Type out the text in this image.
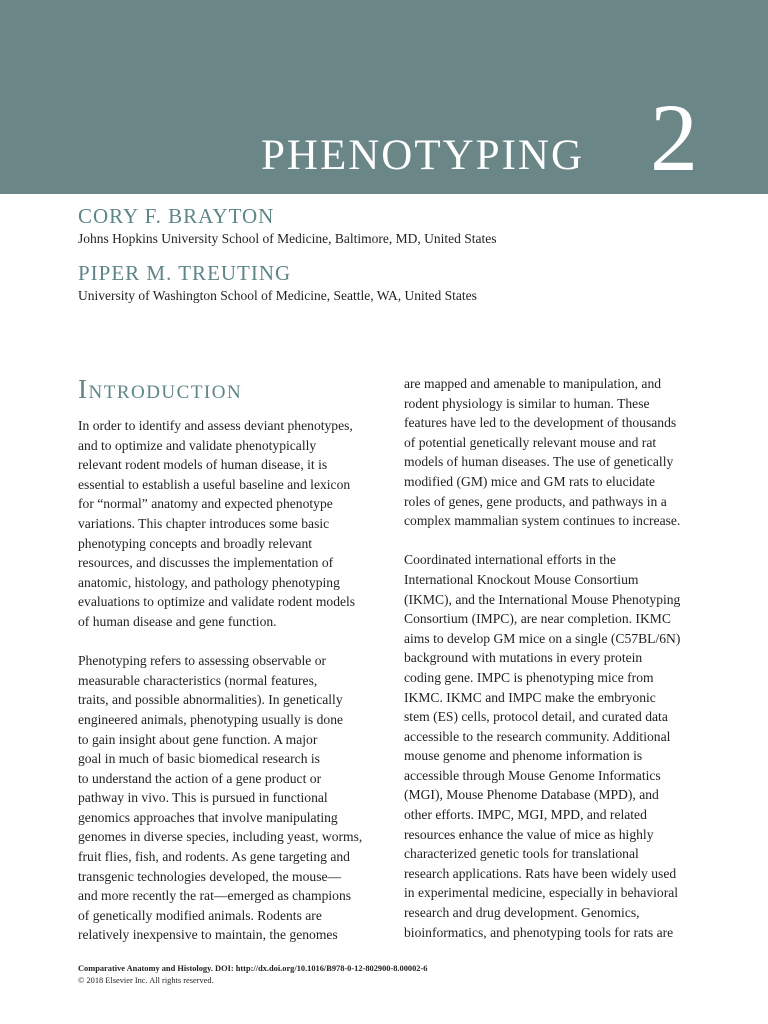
PHENOTYPING 2
CORY F. BRAYTON
Johns Hopkins University School of Medicine, Baltimore, MD, United States
PIPER M. TREUTING
University of Washington School of Medicine, Seattle, WA, United States
Introduction

In order to identify and assess deviant phenotypes,

and to optimize and validate phenotypically

relevant rodent models of human disease, it is

essential to establish a useful baseline and lexicon

for “normal” anatomy and expected phenotype

variations. This chapter introduces some basic

phenotyping concepts and broadly relevant

resources, and discusses the implementation of

anatomic, histology, and pathology phenotyping

evaluations to optimize and validate rodent models

of human disease and gene function.

Phenotyping refers to assessing observable or

measurable characteristics (normal features,

traits, and possible abnormalities). In genetically

engineered animals, phenotyping usually is done

to gain insight about gene function. A major

goal in much of basic biomedical research is

to understand the action of a gene product or

pathway in vivo. This is pursued in functional

genomics approaches that involve manipulating

genomes in diverse species, including yeast, worms,

fruit flies, fish, and rodents. As gene targeting and

transgenic technologies developed, the mouse—

and more recently the rat—emerged as champions

of genetically modified animals. Rodents are

relatively inexpensive to maintain, the genomes

are mapped and amenable to manipulation, and

rodent physiology is similar to human. These

features have led to the development of thousands

of potential genetically relevant mouse and rat

models of human diseases. The use of genetically

modified (GM) mice and GM rats to elucidate

roles of genes, gene products, and pathways in a

complex mammalian system continues to increase.

Coordinated international efforts in the

International Knockout Mouse Consortium

(IKMC), and the International Mouse Phenotyping

Consortium (IMPC), are near completion. IKMC

aims to develop GM mice on a single (C57BL/6N)

background with mutations in every protein

coding gene. IMPC is phenotyping mice from

IKMC. IKMC and IMPC make the embryonic

stem (ES) cells, protocol detail, and curated data

accessible to the research community. Additional

mouse genome and phenome information is

accessible through Mouse Genome Informatics

(MGI), Mouse Phenome Database (MPD), and

other efforts. IMPC, MGI, MPD, and related

resources enhance the value of mice as highly

characterized genetic tools for translational

research applications. Rats have been widely used

in experimental medicine, especially in behavioral

research and drug development. Genomics,

bioinformatics, and phenotyping tools for rats are

Comparative Anatomy and Histology. DOI: http://dx.doi.org/10.1016/B978-0-12-802900-8.00002-6
© 2018 Elsevier Inc. All rights reserved.
